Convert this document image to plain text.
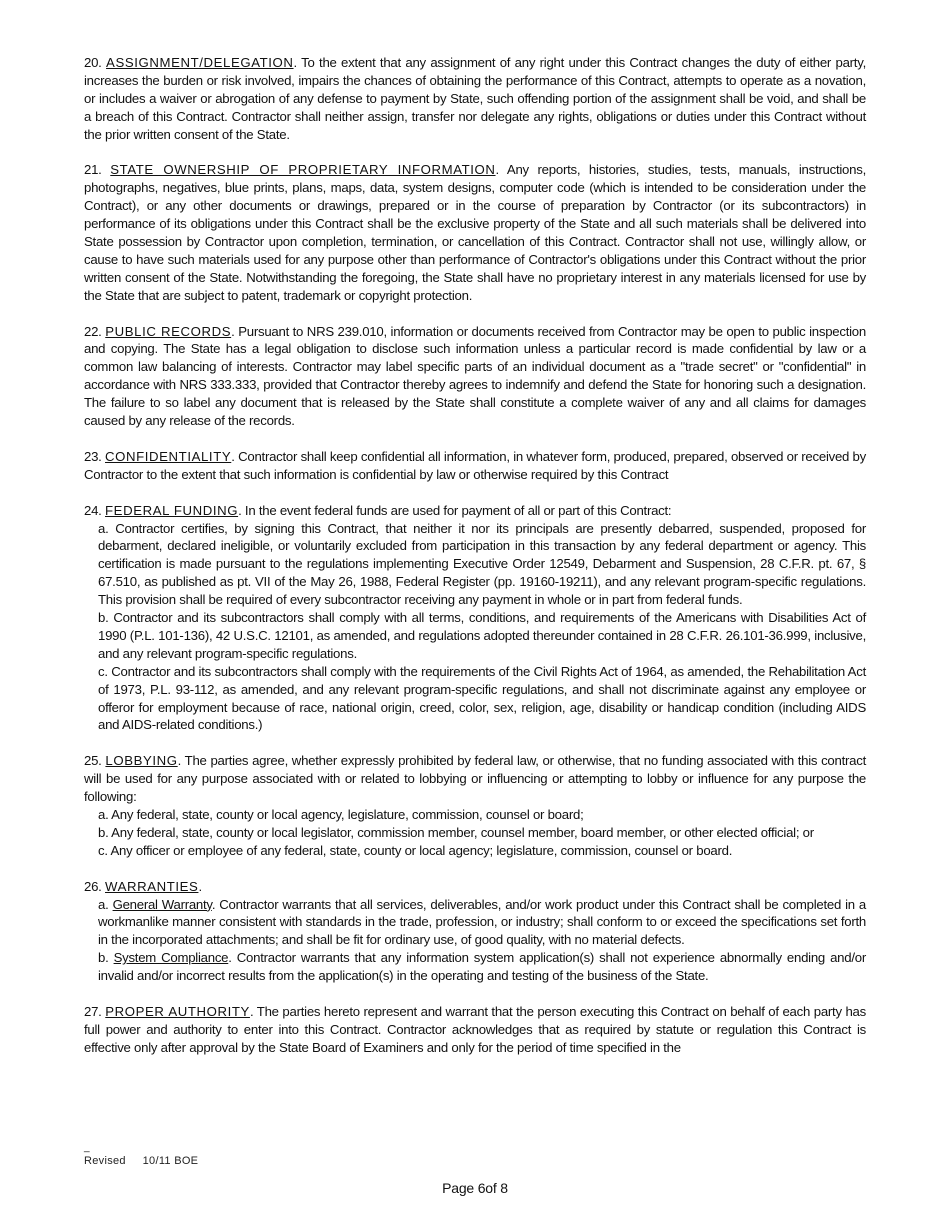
20. ASSIGNMENT/DELEGATION. To the extent that any assignment of any right under this Contract changes the duty of either party, increases the burden or risk involved, impairs the chances of obtaining the performance of this Contract, attempts to operate as a novation, or includes a waiver or abrogation of any defense to payment by State, such offending portion of the assignment shall be void, and shall be a breach of this Contract. Contractor shall neither assign, transfer nor delegate any rights, obligations or duties under this Contract without the prior written consent of the State.

21. STATE OWNERSHIP OF PROPRIETARY INFORMATION. Any reports, histories, studies, tests, manuals, instructions, photographs, negatives, blue prints, plans, maps, data, system designs, computer code (which is intended to be consideration under the Contract), or any other documents or drawings, prepared or in the course of preparation by Contractor (or its subcontractors) in performance of its obligations under this Contract shall be the exclusive property of the State and all such materials shall be delivered into State possession by Contractor upon completion, termination, or cancellation of this Contract. Contractor shall not use, willingly allow, or cause to have such materials used for any purpose other than performance of Contractor's obligations under this Contract without the prior written consent of the State. Notwithstanding the foregoing, the State shall have no proprietary interest in any materials licensed for use by the State that are subject to patent, trademark or copyright protection.

22. PUBLIC RECORDS. Pursuant to NRS 239.010, information or documents received from Contractor may be open to public inspection and copying. The State has a legal obligation to disclose such information unless a particular record is made confidential by law or a common law balancing of interests. Contractor may label specific parts of an individual document as a "trade secret" or "confidential" in accordance with NRS 333.333, provided that Contractor thereby agrees to indemnify and defend the State for honoring such a designation. The failure to so label any document that is released by the State shall constitute a complete waiver of any and all claims for damages caused by any release of the records.

23. CONFIDENTIALITY. Contractor shall keep confidential all information, in whatever form, produced, prepared, observed or received by Contractor to the extent that such information is confidential by law or otherwise required by this Contract

24. FEDERAL FUNDING. In the event federal funds are used for payment of all or part of this Contract:

a. Contractor certifies, by signing this Contract, that neither it nor its principals are presently debarred, suspended, proposed for debarment, declared ineligible, or voluntarily excluded from participation in this transaction by any federal department or agency. This certification is made pursuant to the regulations implementing Executive Order 12549, Debarment and Suspension, 28 C.F.R. pt. 67, § 67.510, as published as pt. VII of the May 26, 1988, Federal Register (pp. 19160-19211), and any relevant program-specific regulations. This provision shall be required of every subcontractor receiving any payment in whole or in part from federal funds.

b. Contractor and its subcontractors shall comply with all terms, conditions, and requirements of the Americans with Disabilities Act of 1990 (P.L. 101-136), 42 U.S.C. 12101, as amended, and regulations adopted thereunder contained in 28 C.F.R. 26.101-36.999, inclusive, and any relevant program-specific regulations.

c. Contractor and its subcontractors shall comply with the requirements of the Civil Rights Act of 1964, as amended, the Rehabilitation Act of 1973, P.L. 93-112, as amended, and any relevant program-specific regulations, and shall not discriminate against any employee or offeror for employment because of race, national origin, creed, color, sex, religion, age, disability or handicap condition (including AIDS and AIDS-related conditions.)

25. LOBBYING. The parties agree, whether expressly prohibited by federal law, or otherwise, that no funding associated with this contract will be used for any purpose associated with or related to lobbying or influencing or attempting to lobby or influence for any purpose the following:

a. Any federal, state, county or local agency, legislature, commission, counsel or board;

b. Any federal, state, county or local legislator, commission member, counsel member, board member, or other elected official; or

c. Any officer or employee of any federal, state, county or local agency; legislature, commission, counsel or board.

26. WARRANTIES.

a. General Warranty. Contractor warrants that all services, deliverables, and/or work product under this Contract shall be completed in a workmanlike manner consistent with standards in the trade, profession, or industry; shall conform to or exceed the specifications set forth in the incorporated attachments; and shall be fit for ordinary use, of good quality, with no material defects.

b. System Compliance. Contractor warrants that any information system application(s) shall not experience abnormally ending and/or invalid and/or incorrect results from the application(s) in the operating and testing of the business of the State.

27. PROPER AUTHORITY. The parties hereto represent and warrant that the person executing this Contract on behalf of each party has full power and authority to enter into this Contract. Contractor acknowledges that as required by statute or regulation this Contract is effective only after approval by the State Board of Examiners and only for the period of time specified in the

_
Revised     10/11 BOE
Page 6of 8
